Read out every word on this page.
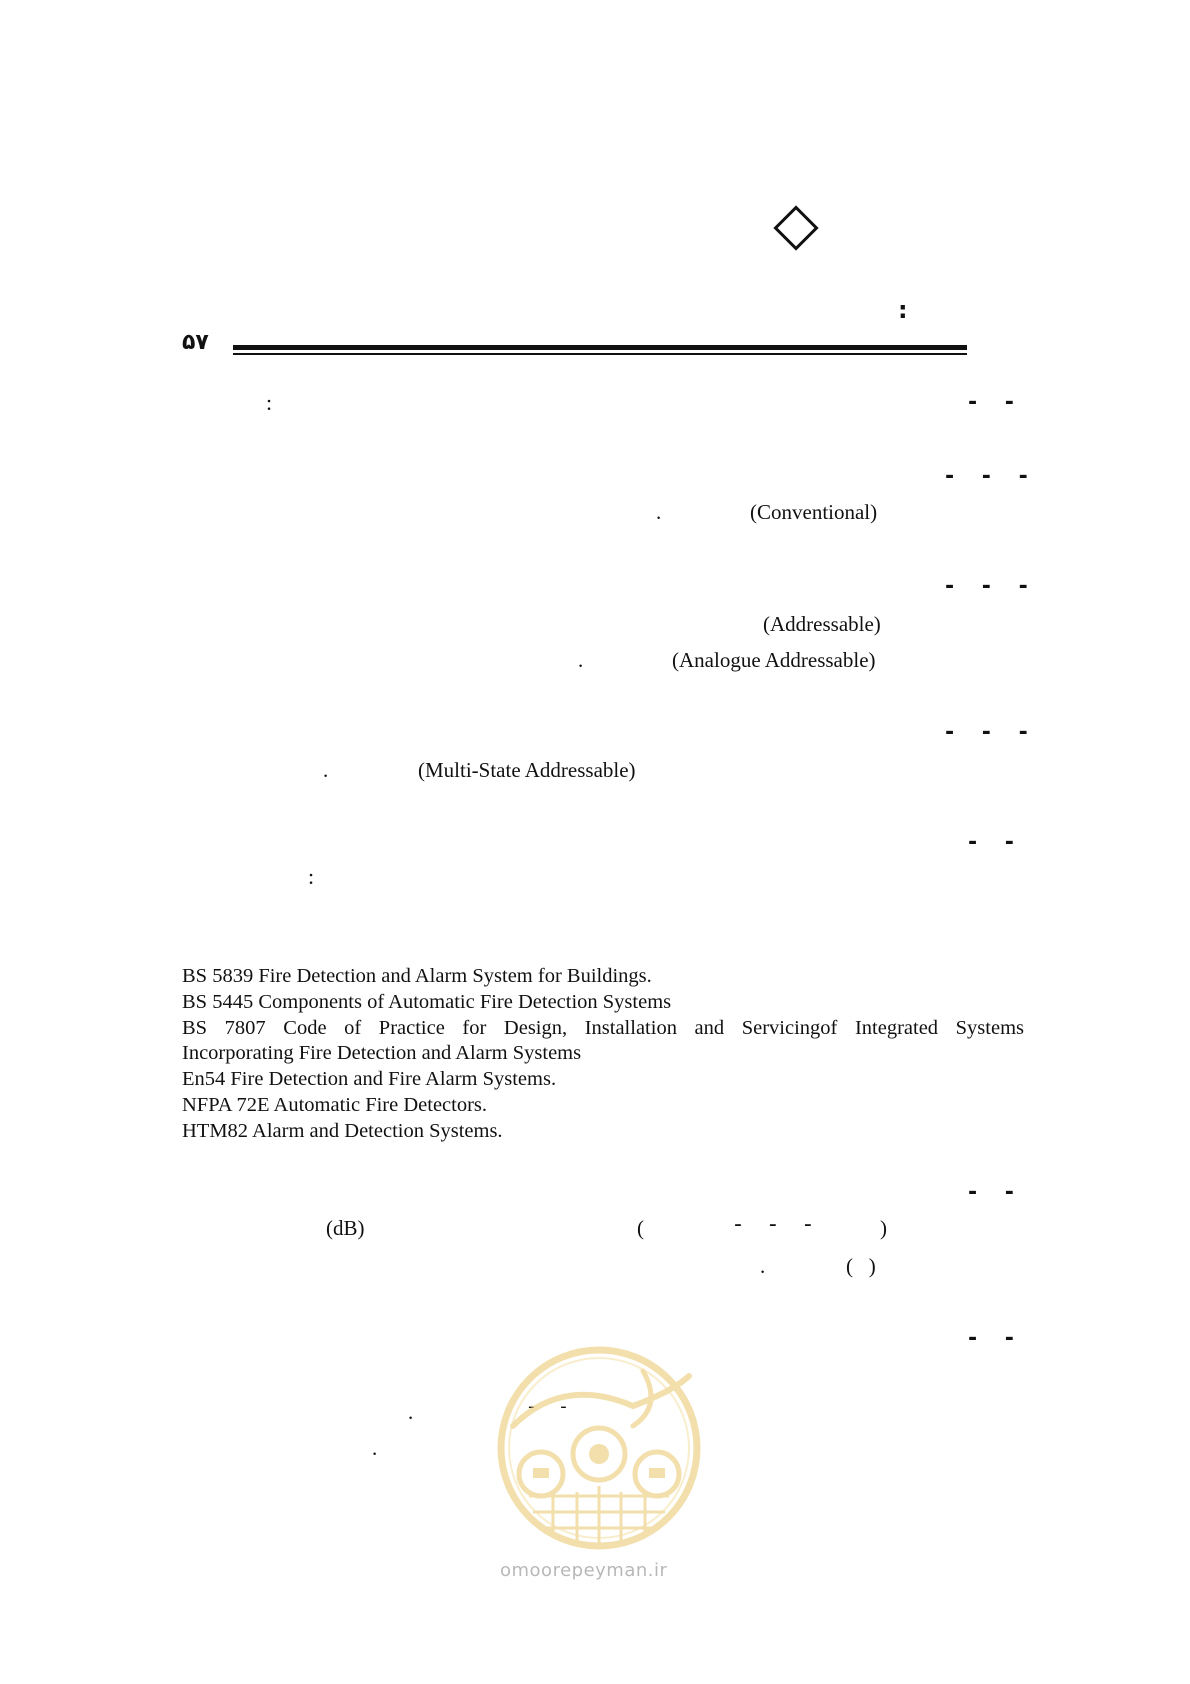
:
۵۷
- -
:
- - -
(Conventional)
.
- - -
(Addressable)
(Analogue Addressable)
.
- - -
(Multi-State Addressable)
.
- -
:
BS 5839 Fire Detection and Alarm System for Buildings.
BS 5445 Components of Automatic Fire Detection Systems
BS 7807 Code of Practice for Design, Installation and Servicingof Integrated Systems
Incorporating Fire Detection and Alarm Systems
En54 Fire Detection and Fire Alarm Systems.
NFPA 72E Automatic Fire Detectors.
HTM82 Alarm and Detection Systems.
- -
)
- - -
(
(dB)
(   )
.
- -
- -
.
.
omoorepeyman.ir
